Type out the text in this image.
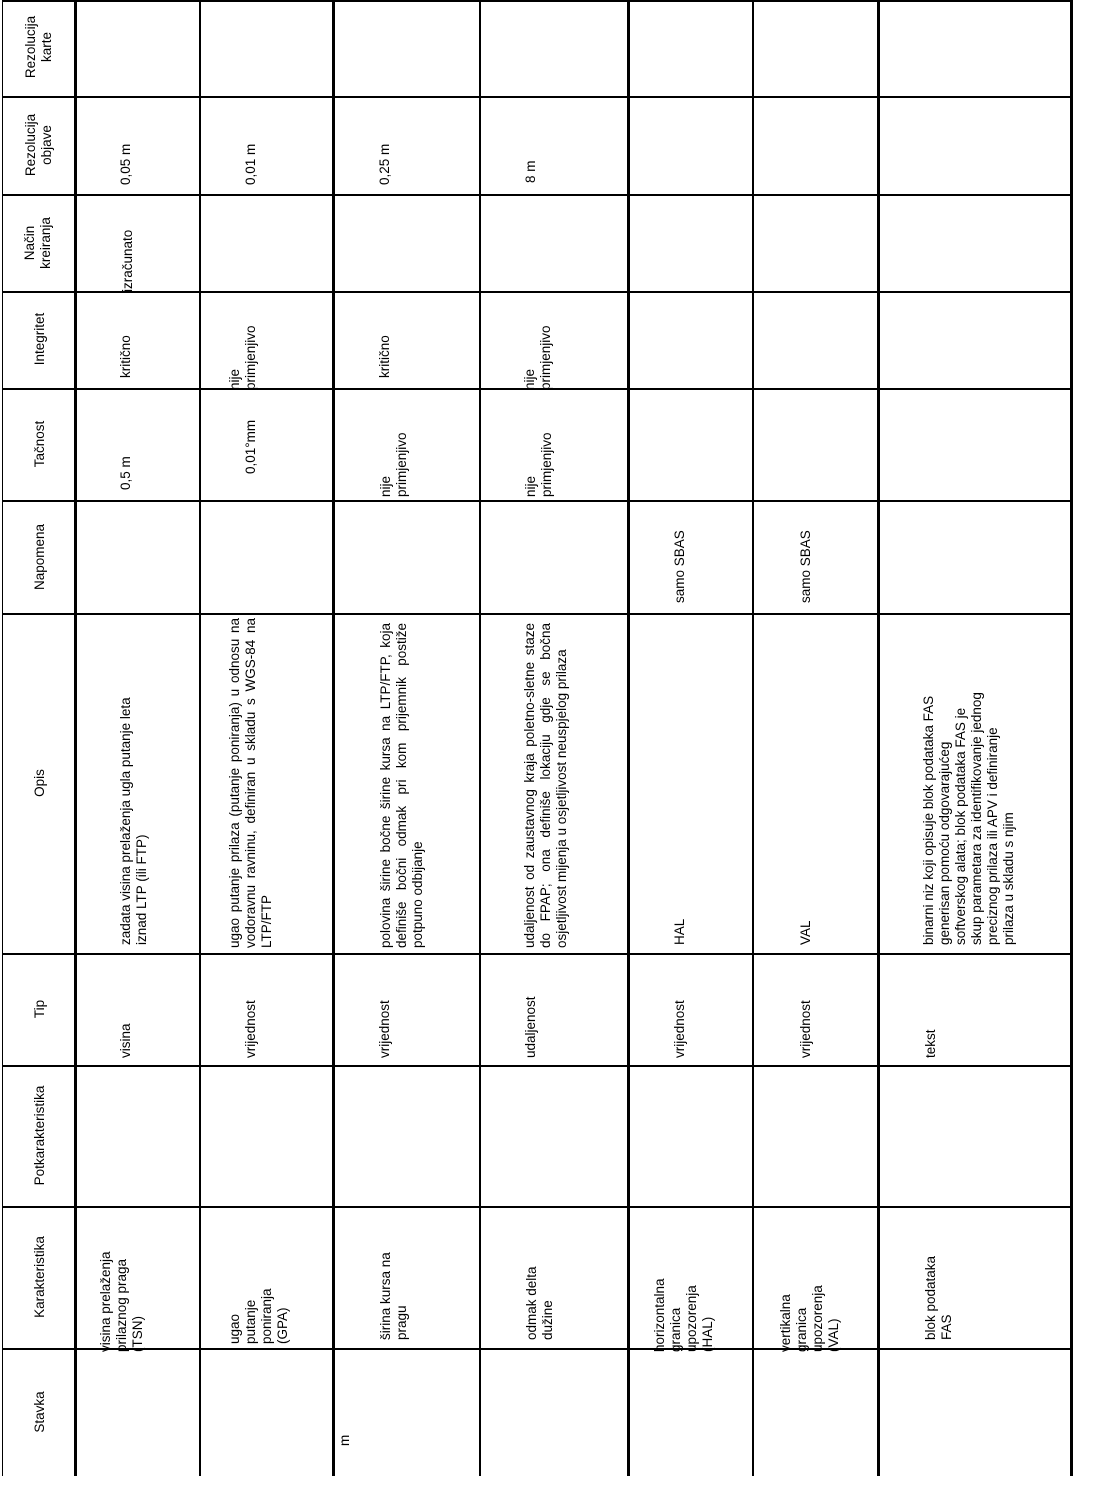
Rezolucija
karte
Rezolucija
objave
Način
kreiranja
Integritet
Tačnost
Napomena
Opis
Tip
Potkarakteristika
Karakteristika
Stavka
0,05 m
izračunato
kritično
0,5 m
zadata visina prelaženja ugla putanje leta
iznad LTP (ili FTP)
visina
visina prelaženja
prilaznog praga
(TSN)
0,01 m
nije
primjenjivo
0,01°mm
ugao putanje prilaza (putanje poniranja) u odnosu na vodoravnu ravninu, definiran u skladu s WGS-84 na LTP/FTP
vrijednost
ugao
putanje
poniranja
(GPA)
0,25 m
kritično
nije
primjenjivo
polovina širine bočne širine kursa na LTP/FTP, koja definiše bočni odmak pri kom prijemnik postiže potpuno odbijanje
vrijednost
širina kursa na
pragu
m
8 m
nije
primjenjivo
nije
primjenjivo
udaljenost od zaustavnog kraja poletno-sletne staze do FPAP; ona definiše lokaciju gdje se bočna osjetljivost mijenja u osjetljivost neuspjelog prilaza
udaljenost
odmak delta
dužine
samo SBAS
HAL
vrijednost
horizontalna
granica
upozorenja
(HAL)
samo SBAS
VAL
vrijednost
vertikalna
granica
upozorenja
(VAL)
binarni niz koji opisuje blok podataka FAS
generisan pomoću odgovarajućeg
softverskog alata; blok podataka FAS je
skup parametara za identifikovanje jednog
preciznog prilaza ili APV i definiranje
prilaza u skladu s njim
tekst
blok podataka
FAS
